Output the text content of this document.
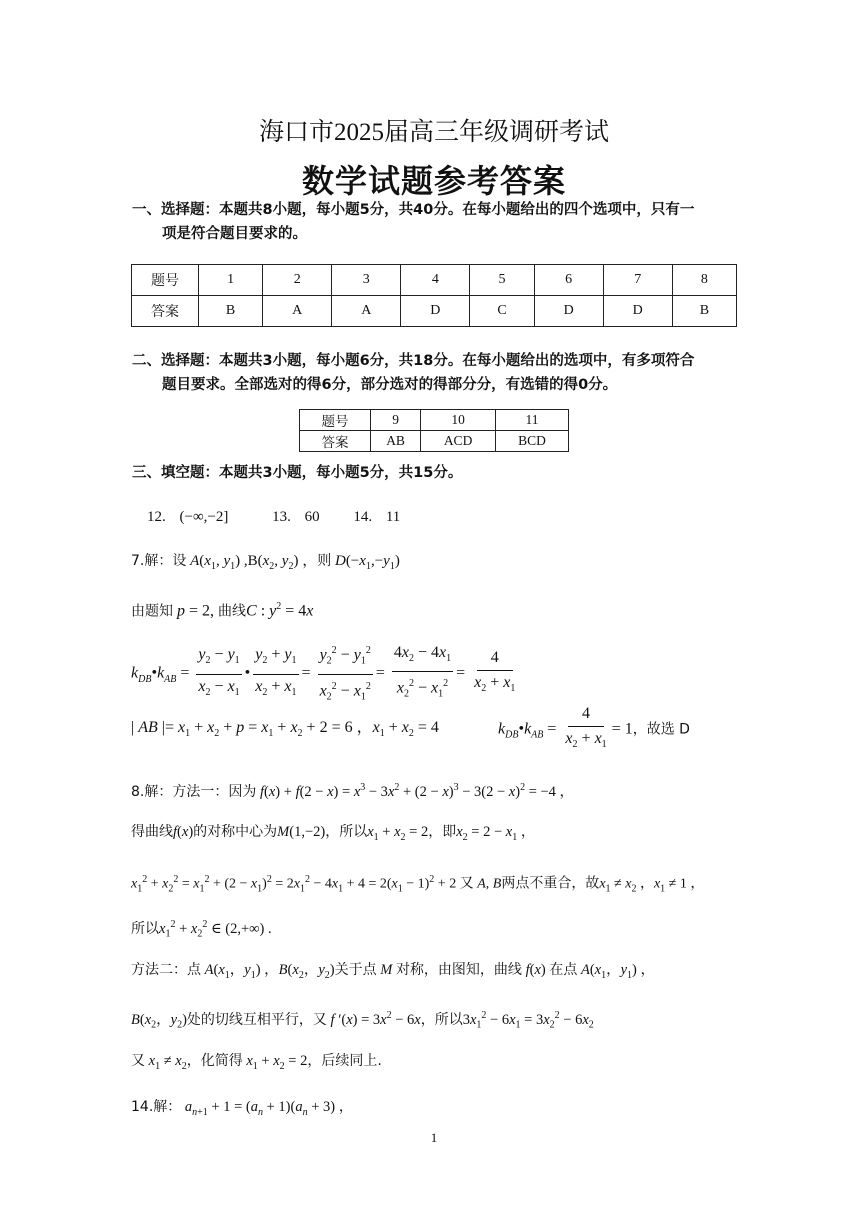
海口市2025届高三年级调研考试
数学试题参考答案
一、选择题：本题共8小题，每小题5分，共40分。在每小题给出的四个选项中，只有一
项是符合题目要求的。
题号	1	2	3	4	5	6	7	8
答案	B	A	A	D	C	D	D	B
二、选择题：本题共3小题，每小题6分，共18分。在每小题给出的选项中，有多项符合
题目要求。全部选对的得6分，部分选对的得部分分，有选错的得0分。
题号	9	10	11
答案	AB	ACD	BCD
三、填空题：本题共3小题，每小题5分，共15分。
12. (−∞,−2]	13. 60 14. 11
7.解：设 $A(x_1$, $y_1$) $,B(x_2$, $y_2$) ，则 $D(-x_1,-y_1)$
由题知 p = 2, 曲线C : $y^2 = 4x$
$k_{DB}•k_{AB} = \frac{y_2 - y_1}{x_2 - x_1}$ • $\frac{y_2 + y_1}{x_2 + x_1} = \frac{y_2^2 - y_1^2}{x_2^2 - x_1^2} = \frac{4x_2 - 4x_1}{x_2^2 - x_1^2} = \frac{4}{x_2 + x_1}$
| AB |= $x_1 + x_2 + p = x_1 + x_2 + 2 = 6$ ，$x_1 + x_2 = 4$	$k_{DB}•k_{AB} = \frac{4}{x_2 + x_1} = 1$，故选 D
8.解：方法一：因为 $f(x) + f(2 - x) = x^3 - 3x^2 + (2 - x)^3 - 3(2 - x)^2 = -4$ ，
得曲线f(x)的对称中心为M(1,−2)，所以$x_1 + x_2 = 2$，即$x_2 = 2 - x_1$ ，
$x_1^2 + x_2^2 = x_1^2 + (2 - x_1)^2 = 2x_1^2 - 4x_1 + 4 = 2(x_1 - 1)^2 + 2$ 又 A, B两点不重合，故$x_1 \ne x_2$ ，$x_1 \ne 1$ ，
所以$x_1^2 + x_2^2$ ∈ (2,+∞) .
方法二：点 $A(x_1$，$y_1$) ，$B(x_2$，$y_2$)关于点 M 对称，由图知，曲线 f(x) 在点 $A(x_1$，$y_1$) ，
$B(x_2$，$y_2$)处的切线互相平行，又 f $'(x) = 3x^2 - 6x$，所以$3x_1^2 - 6x_1 = 3x_2^2 - 6x_2$
又 $x_1 \ne x_2$，化简得 $x_1 + x_2 = 2$，后续同上.
14.解： $a_{n+1} + 1 = (a_n + 1)(a_n + 3)$ ，
1
